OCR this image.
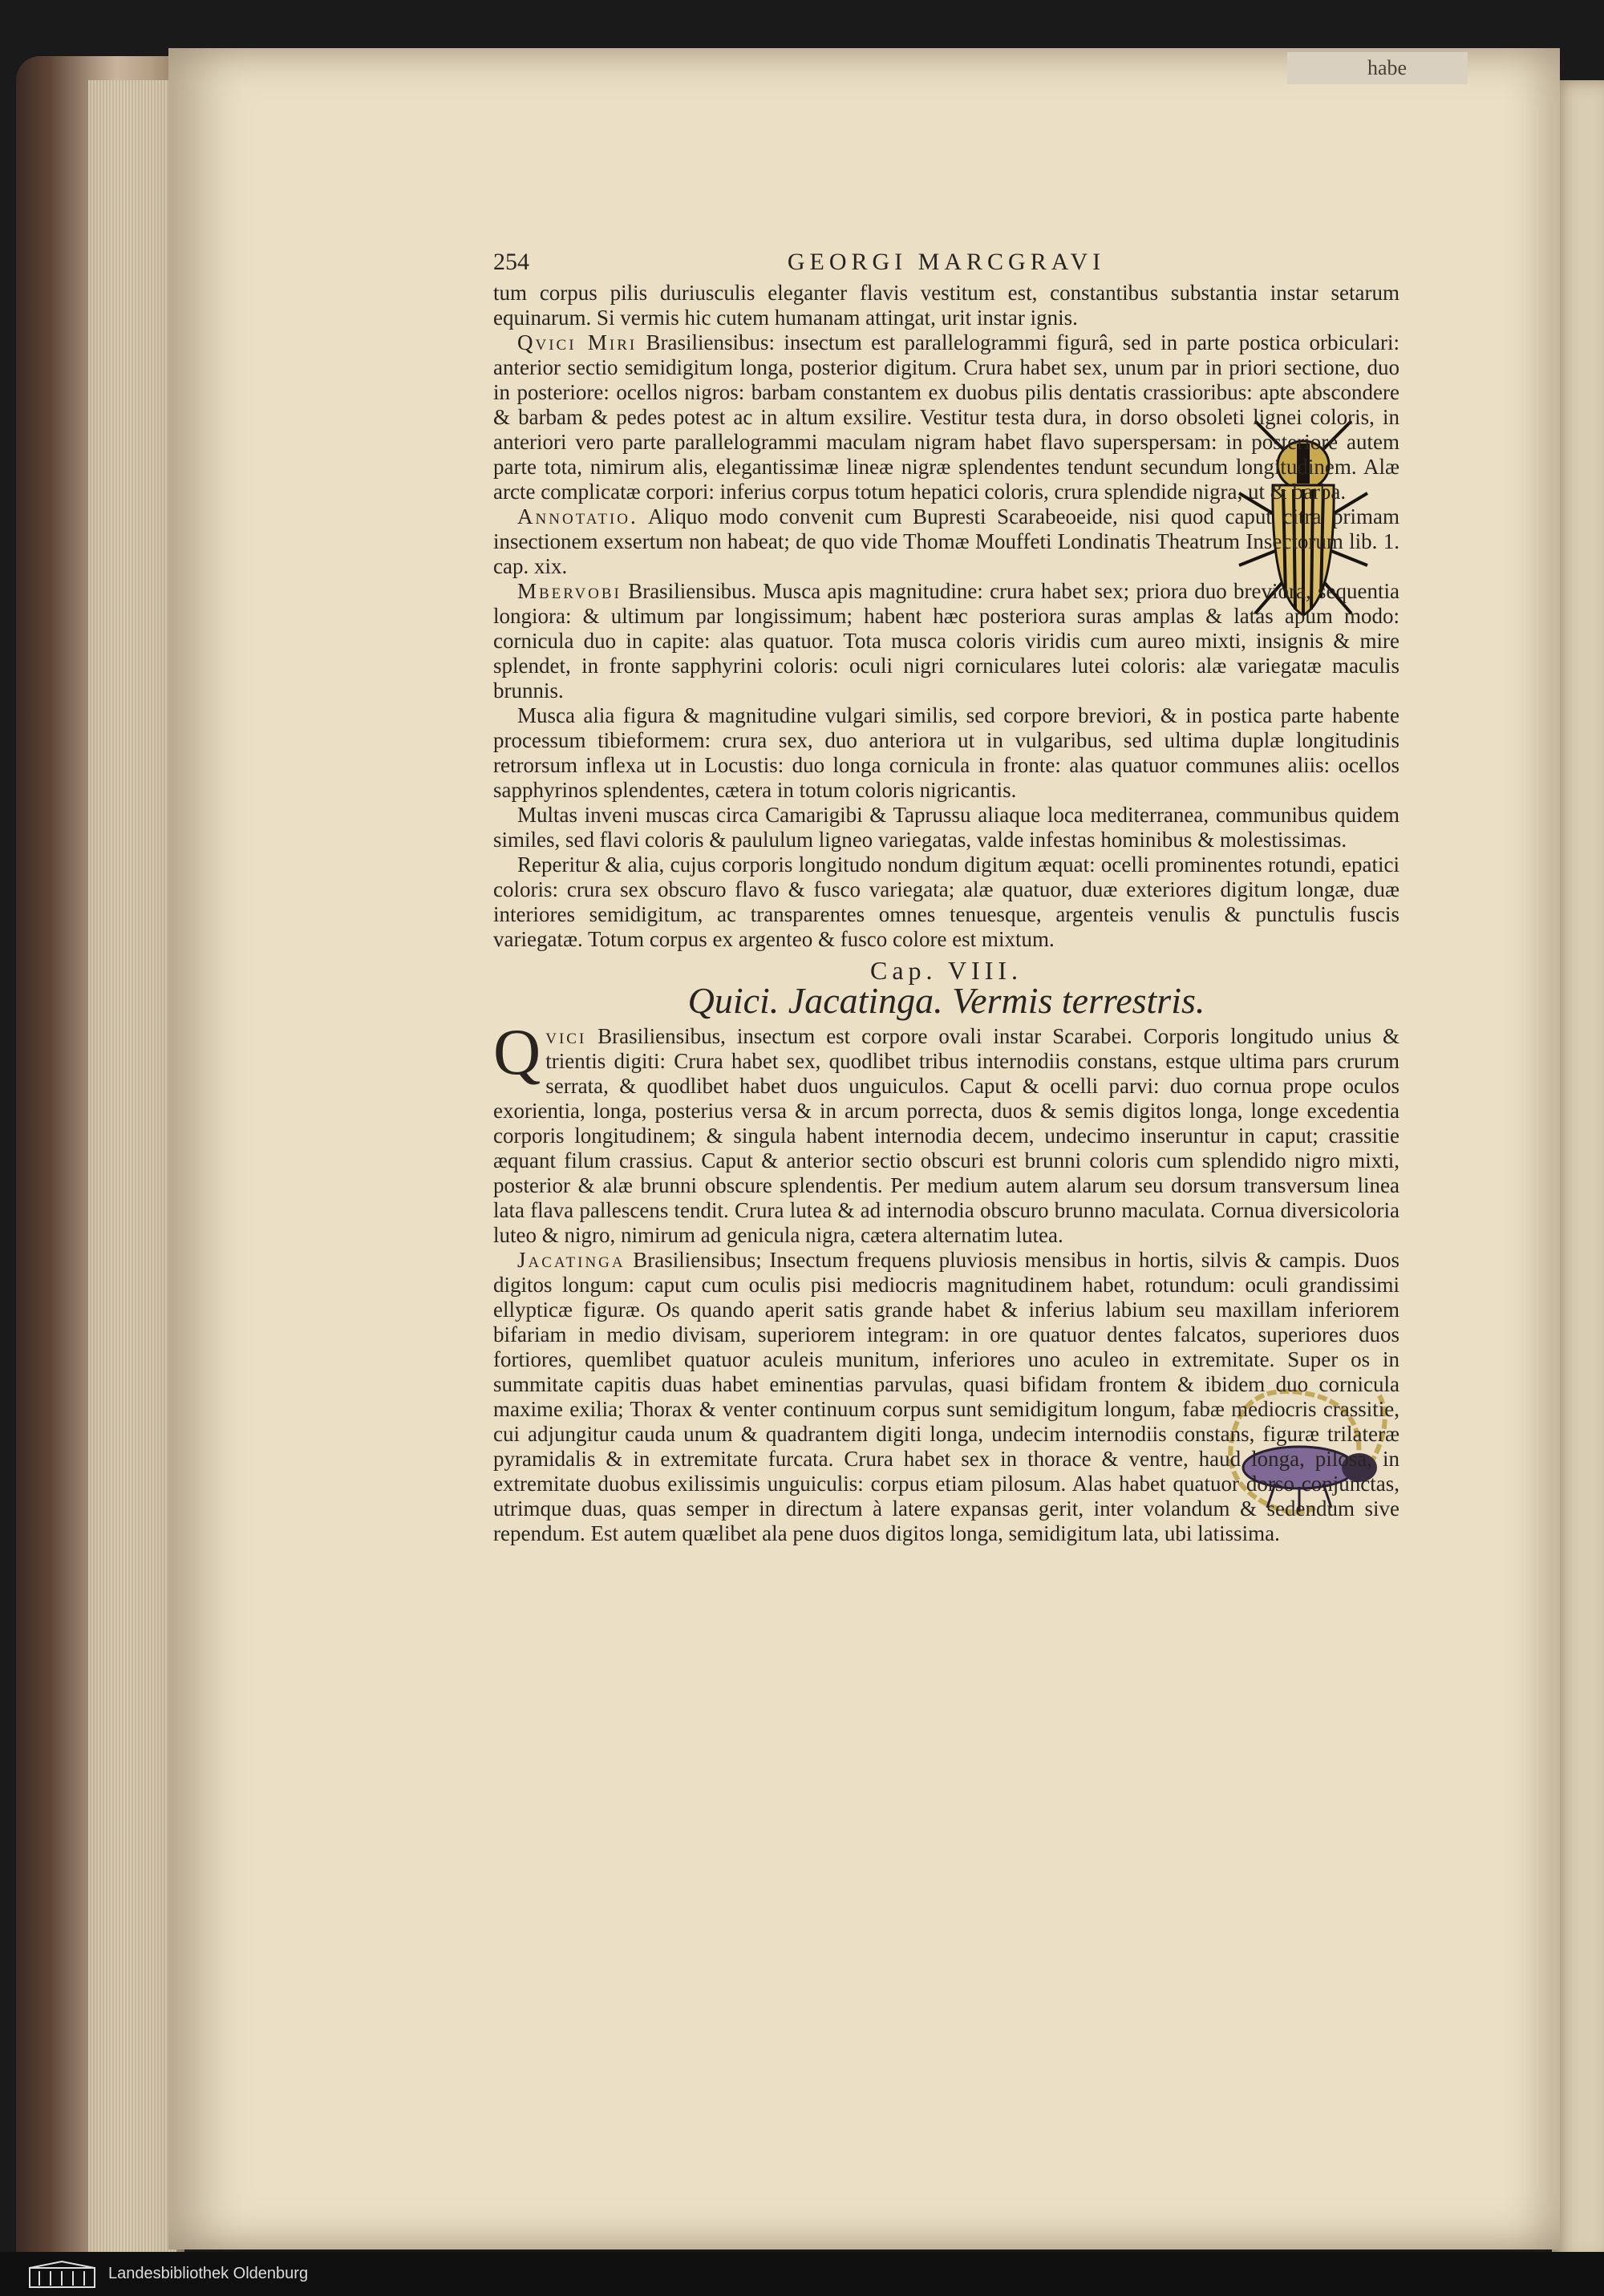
habe
254	GEORGI MARCGRAVI

tum corpus pilis duriusculis eleganter flavis vestitum est, constantibus substantia instar setarum equinarum. Si vermis hic cutem humanam attingat, urit instar ignis.

Qvici Miri Brasiliensibus: insectum est parallelogrammi figurâ, sed in parte postica orbiculari: anterior sectio semidigitum longa, posterior digitum. Crura habet sex, unum par in priori sectione, duo in posteriore: ocellos nigros: barbam constantem ex duobus pilis dentatis crassioribus: apte abscondere & barbam & pedes potest ac in altum exsilire. Vestitur testa dura, in dorso obsoleti lignei coloris, in anteriori vero parte parallelogrammi maculam nigram habet flavo superspersam: in posteriore autem parte tota, nimirum alis, elegantissimæ lineæ nigræ splendentes tendunt secundum longitudinem. Alæ arcte complicatæ corpori: inferius corpus totum hepatici coloris, crura splendide nigra, ut & barba.

Annotatio. Aliquo modo convenit cum Bupresti Scarabeoeide, nisi quod caput citra primam insectionem exsertum non habeat; de quo vide Thomæ Mouffeti Londinatis Theatrum Insectorum lib. 1. cap. xix.

Mbervobi Brasiliensibus. Musca apis magnitudine: crura habet sex; priora duo breviora, sequentia longiora: & ultimum par longissimum; habent hæc posteriora suras amplas & latas apum modo: cornicula duo in capite: alas quatuor. Tota musca coloris viridis cum aureo mixti, insignis & mire splendet, in fronte sapphyrini coloris: oculi nigri corniculares lutei coloris: alæ variegatæ maculis brunnis.

Musca alia figura & magnitudine vulgari similis, sed corpore breviori, & in postica parte habente processum tibieformem: crura sex, duo anteriora ut in vulgaribus, sed ultima duplæ longitudinis retrorsum inflexa ut in Locustis: duo longa cornicula in fronte: alas quatuor communes aliis: ocellos sapphyrinos splendentes, cætera in totum coloris nigricantis.

Multas inveni muscas circa Camarigibi & Taprussu aliaque loca mediterranea, communibus quidem similes, sed flavi coloris & paululum ligneo variegatas, valde infestas hominibus & molestissimas.

Reperitur & alia, cujus corporis longitudo nondum digitum æquat: ocelli prominentes rotundi, epatici coloris: crura sex obscuro flavo & fusco variegata; alæ quatuor, duæ exteriores digitum longæ, duæ interiores semidigitum, ac transparentes omnes tenuesque, argenteis venulis & punctulis fuscis variegatæ. Totum corpus ex argenteo & fusco colore est mixtum.

Cap. VIII.
Quici. Jacatinga. Vermis terrestris.

Qvici Brasiliensibus, insectum est corpore ovali instar Scarabei. Corporis longitudo unius & trientis digiti: Crura habet sex, quodlibet tribus internodiis constans, estque ultima pars crurum serrata, & quodlibet habet duos unguiculos. Caput & ocelli parvi: duo cornua prope oculos exorientia, longa, posterius versa & in arcum porrecta, duos & semis digitos longa, longe excedentia corporis longitudinem; & singula habent internodia decem, undecimo inseruntur in caput; crassitie æquant filum crassius. Caput & anterior sectio obscuri est brunni coloris cum splendido nigro mixti, posterior & alæ brunni obscure splendentis. Per medium autem alarum seu dorsum transversum linea lata flava pallescens tendit. Crura lutea & ad internodia obscuro brunno maculata. Cornua diversicoloria luteo & nigro, nimirum ad genicula nigra, cætera alternatim lutea.

Jacatinga Brasiliensibus; Insectum frequens pluviosis mensibus in hortis, silvis & campis. Duos digitos longum: caput cum oculis pisi mediocris magnitudinem habet, rotundum: oculi grandissimi ellypticæ figuræ. Os quando aperit satis grande habet & inferius labium seu maxillam inferiorem bifariam in medio divisam, superiorem integram: in ore quatuor dentes falcatos, superiores duos fortiores, quemlibet quatuor aculeis munitum, inferiores uno aculeo in extremitate. Super os in summitate capitis duas habet eminentias parvulas, quasi bifidam frontem & ibidem duo cornicula maxime exilia; Thorax & venter continuum corpus sunt semidigitum longum, fabæ mediocris crassitie, cui adjungitur cauda unum & quadrantem digiti longa, undecim internodiis constans, figuræ trilateræ pyramidalis & in extremitate furcata. Crura habet sex in thorace & ventre, haud longa, pilosa, in extremitate duobus exilissimis unguiculis: corpus etiam pilosum. Alas habet quatuor dorso conjunctas, utrimque duas, quas semper in directum à latere expansas gerit, inter volandum & sedendum sive rependum. Est autem quælibet ala pene duos digitos longa, semidigitum lata, ubi latissima.

Landesbibliothek Oldenburg
